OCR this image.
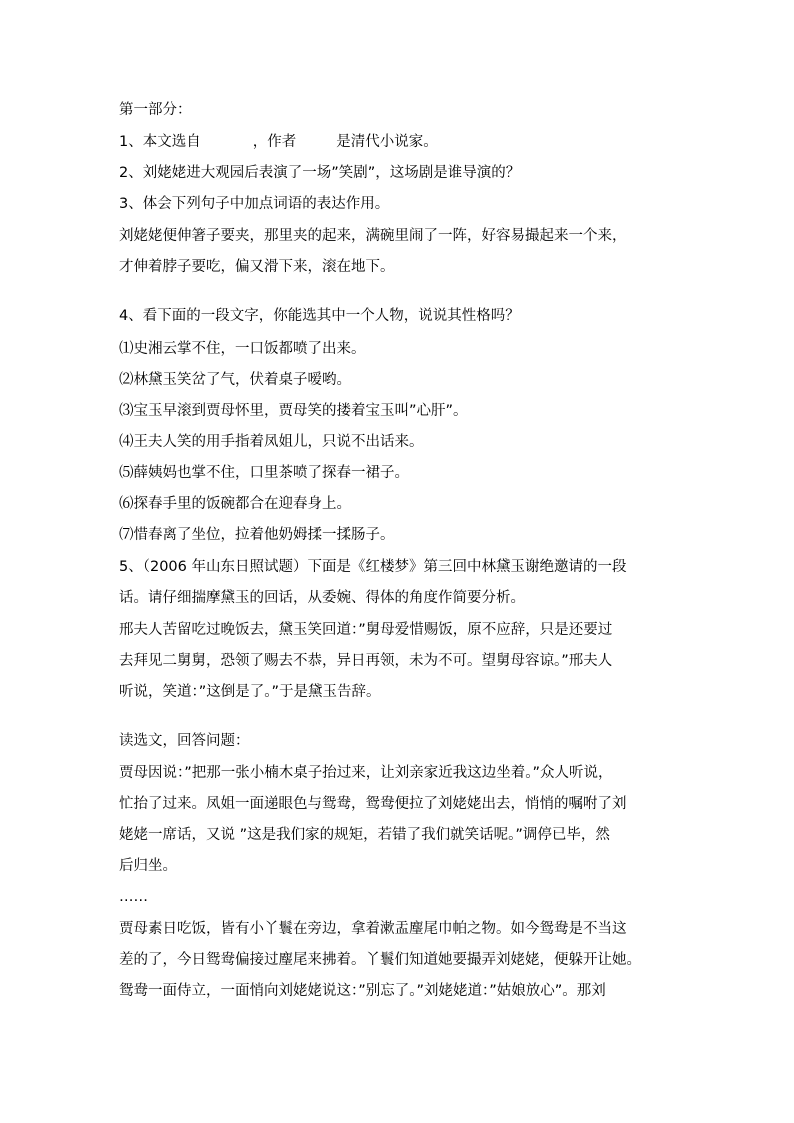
第一部分：
1、本文选自	，作者	是清代小说家。
2、刘姥姥进大观园后表演了一场”笑剧”，这场剧是谁导演的？
3、体会下列句子中加点词语的表达作用。
刘姥姥便伸箸子要夹，那里夹的起来，满碗里闹了一阵，好容易撮起来一个来，
才伸着脖子要吃，偏又滑下来，滚在地下。
4、看下面的一段文字，你能选其中一个人物，说说其性格吗？
⑴史湘云掌不住，一口饭都喷了出来。
⑵林黛玉笑岔了气，伏着桌子嗳哟。
⑶宝玉早滚到贾母怀里，贾母笑的搂着宝玉叫”心肝”。
⑷王夫人笑的用手指着凤姐儿，只说不出话来。
⑸薛姨妈也掌不住，口里茶喷了探春一裙子。
⑹探春手里的饭碗都合在迎春身上。
⑺惜春离了坐位，拉着他奶姆揉一揉肠子。
5、（2006 年山东日照试题）下面是《红楼梦》第三回中林黛玉谢绝邀请的一段
话。请仔细揣摩黛玉的回话，从委婉、得体的角度作简要分析。
邢夫人苦留吃过晚饭去，黛玉笑回道：”舅母爱惜赐饭，原不应辞，只是还要过
去拜见二舅舅，恐领了赐去不恭，异日再领，未为不可。望舅母容谅。”邢夫人
听说，笑道：”这倒是了。”于是黛玉告辞。
读选文，回答问题：
贾母因说：”把那一张小楠木桌子抬过来，让刘亲家近我这边坐着。”众人听说，
忙抬了过来。凤姐一面递眼色与鸳鸯，鸳鸯便拉了刘姥姥出去，悄悄的嘱咐了刘
姥姥一席话，又说 ”这是我们家的规矩，若错了我们就笑话呢。”调停已毕，然
后归坐。
……
贾母素日吃饭，皆有小丫鬟在旁边，拿着漱盂麈尾巾帕之物。如今鸳鸯是不当这
差的了，今日鸳鸯偏接过麈尾来拂着。丫鬟们知道她要撮弄刘姥姥，便躲开让她。
鸳鸯一面侍立，一面悄向刘姥姥说这：”别忘了。”刘姥姥道：”姑娘放心”。那刘
